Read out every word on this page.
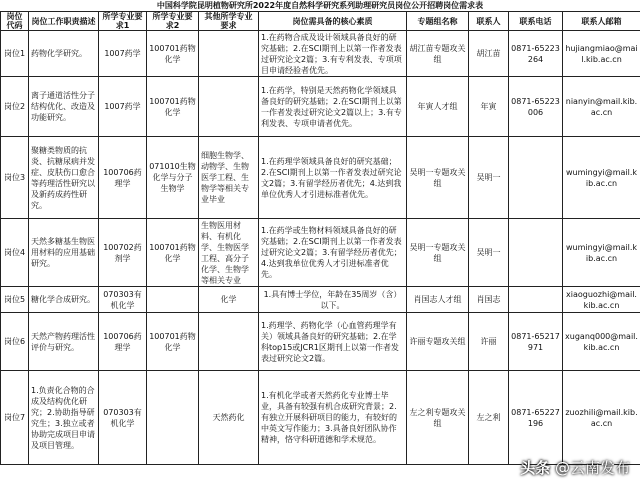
中国科学院昆明植物研究所2022年度自然科学研究系列助理研究员岗位公开招聘岗位需求表
岗位代码	岗位工作职责描述	所学专业要求1	所学专业要求2	其他所学专业要求	岗位需具备的核心素质	专题组名称	联系人	联系电话	联系人邮箱
岗位1	药物化学研究。	1007药学	100701药物化学		1.在药物合成及设计领域具备良好的研究基础；2.在SCI期刊上以第一作者发表过研究论文2篇；3.有专利发表、专项项目申请经验者优先。	胡江苗专题攻关组	胡江苗	0871-65223264	hujiangmiao@mail.kib.ac.cn
岗位2	离子通道活性分子结构优化、改造及功能研究。	1007药学	100701药物化学		1.在药学，特别是天然药物化学领域具备良好的研究基础；2.在SCI期刊上以第一作者发表过研究论文2篇以上；3.有专利发表、专项申请者优先。	年寅人才组	年寅	0871-65223006	nianyin@mail.kib.ac.cn
岗位3	聚糖类物质的抗炎、抗糖尿病并发症、皮肤伤口愈合等药理活性研究以及新药成药性研究。	100706药理学	071010生物化学与分子生物学	细胞生物学、动物学、生物医学工程、生物学等相关专业毕业	1.在药理学领域具备良好的研究基础；2.在SCI期刊上以第一作者发表过研究论文2篇；3.有留学经历者优先；4.达到我单位优秀人才引进标准者优先。	吴明一专题攻关组	吴明一		wumingyi@mail.kib.ac.cn
岗位4	天然多糖基生物医用材料的应用基础研究。	100702药剂学	100701药物化学	生物医用材料、有机化学、生物医学工程、高分子化学、生物学等相关专业	1.在药学或生物材料领域具备良好的研究基础；2.在SCI期刊上以第一作者发表过研究论文2篇；3.有留学经历者优先；4.达到我单位优秀人才引进标准者优先。	吴明一专题攻关组	吴明一		wumingyi@mail.kib.ac.cn
岗位5	糖化学合成研究。	070303有机化学		化学	1.具有博士学位，年龄在35周岁（含）以下。	肖国志人才组	肖国志		xiaoguozhi@mail.kib.ac.cn
岗位6	天然产物药理活性评价与研究。	100706药理学	100701药物化学		1.药理学、药物化学（心血管药理学有关）领域具备良好的研究基础；2.在学科top15或JCR1区期刊上以第一作者发表过研究论文2篇。	许丽专题攻关组	许丽	0871-65217971	xuganq000@mail.kib.ac.cn
岗位7	1.负责化合物的合成及结构优化研究；2.协助指导研究生；3.独立或者协助完成项目申请及项目管理。	070303有机化学		天然药化	1.有机化学或者天然药化专业博士毕业，具备有较强有机合成研究背景；2.有独立开展科研项目的能力，有较好的中英文写作能力；3.具备良好团队协作精神，恪守科研道德和学术规范。	左之利专题攻关组	左之利	0871-65227196	zuozhili@mail.kib.ac.cn
头条 @云南发布
